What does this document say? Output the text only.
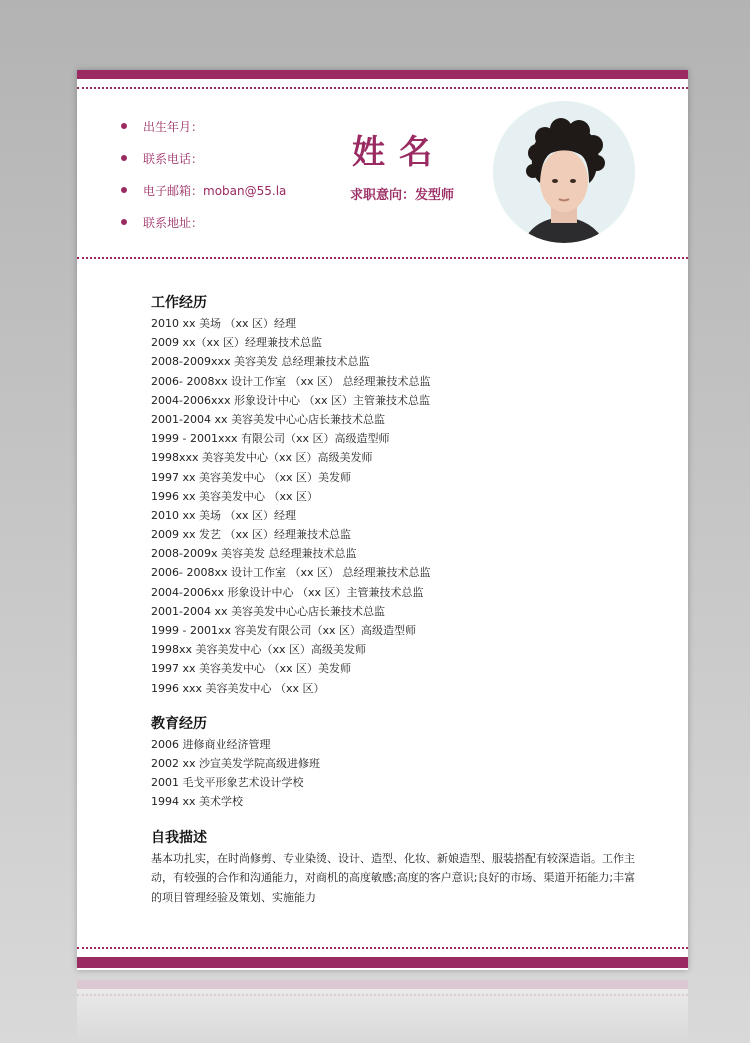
出生年月：
联系电话：
电子邮箱：moban@55.la
联系地址：
姓名
求职意向：发型师
工作经历
2010 xx 美场 （xx 区）经理
2009 xx（xx 区）经理兼技术总监
2008-2009xxx 美容美发 总经理兼技术总监
2006- 2008xx 设计工作室 （xx 区） 总经理兼技术总监
2004-2006xxx 形象设计中心 （xx 区）主管兼技术总监
2001-2004 xx 美容美发中心心店长兼技术总监
1999 - 2001xxx 有限公司（xx 区）高级造型师
1998xxx 美容美发中心（xx 区）高级美发师
1997 xx 美容美发中心 （xx 区）美发师
1996 xx 美容美发中心 （xx 区）
2010 xx 美场 （xx 区）经理
2009 xx 发艺 （xx 区）经理兼技术总监
2008-2009x 美容美发 总经理兼技术总监
2006- 2008xx 设计工作室 （xx 区） 总经理兼技术总监
2004-2006xx 形象设计中心 （xx 区）主管兼技术总监
2001-2004 xx 美容美发中心心店长兼技术总监
1999 - 2001xx 容美发有限公司（xx 区）高级造型师
1998xx 美容美发中心（xx 区）高级美发师
1997 xx 美容美发中心 （xx 区）美发师
1996 xxx 美容美发中心 （xx 区）
教育经历
2006 进修商业经济管理
2002 xx 沙宣美发学院高级进修班
2001 毛戈平形象艺术设计学校
1994 xx 美术学校
自我描述
基本功扎实，在时尚修剪、专业染烫、设计、造型、化妆、新娘造型、服装搭配有较深造诣。工作主动，有较强的合作和沟通能力，对商机的高度敏感;高度的客户意识;良好的市场、渠道开拓能力;丰富的项目管理经验及策划、实施能力
